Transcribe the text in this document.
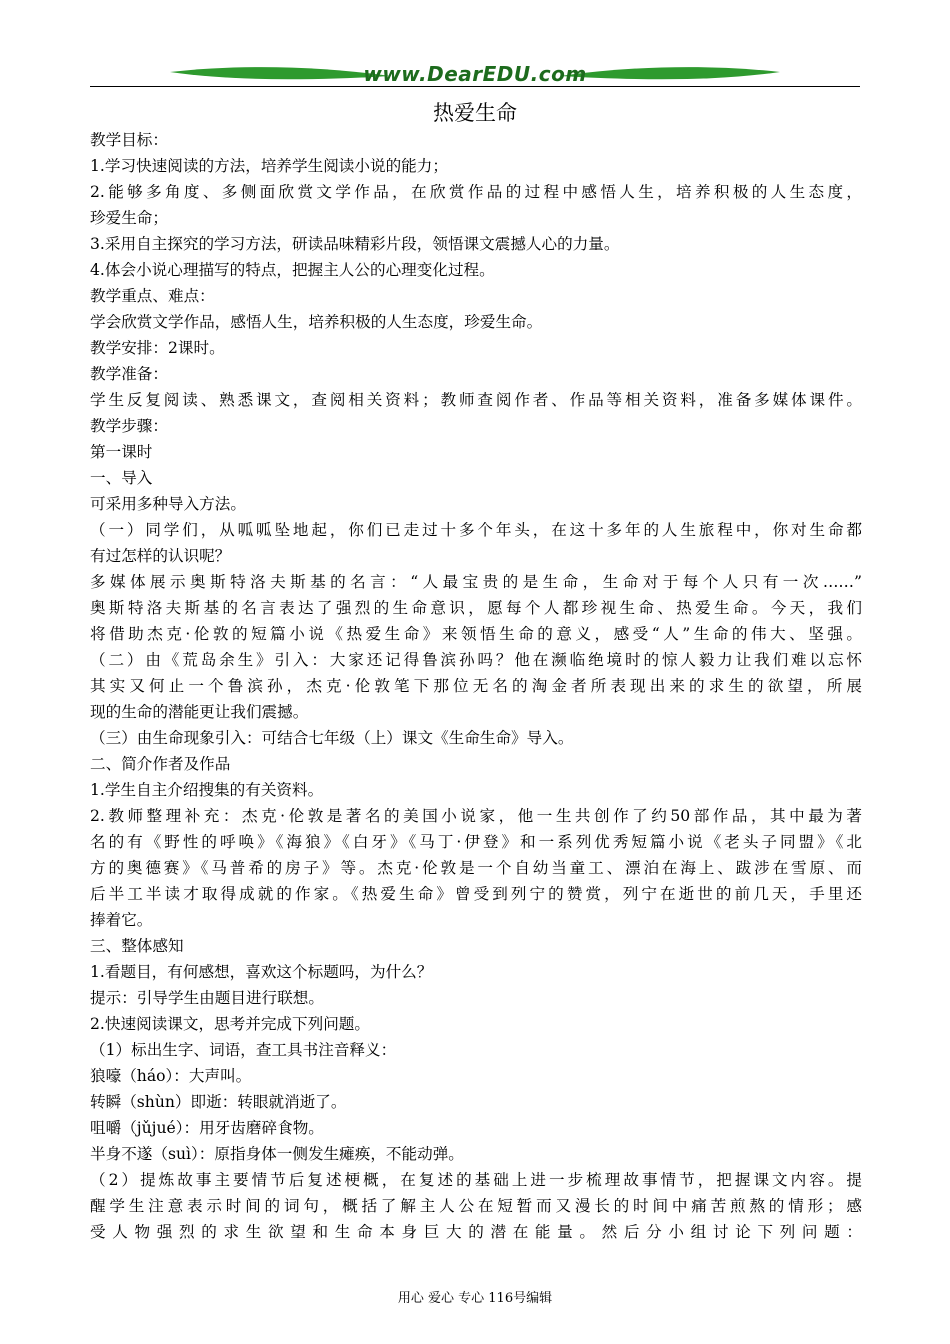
www.DearEDU.com
热爱生命
教学目标：
1.学习快速阅读的方法，培养学生阅读小说的能力；
2.能够多角度、多侧面欣赏文学作品，在欣赏作品的过程中感悟人生，培养积极的人生态度，
珍爱生命；
3.采用自主探究的学习方法，研读品味精彩片段，领悟课文震撼人心的力量。
4.体会小说心理描写的特点，把握主人公的心理变化过程。
教学重点、难点：
学会欣赏文学作品，感悟人生，培养积极的人生态度，珍爱生命。
教学安排：2课时。
教学准备：
学生反复阅读、熟悉课文，查阅相关资料；教师查阅作者、作品等相关资料，准备多媒体课件。
教学步骤：
第一课时
一、导入
可采用多种导入方法。
（一）同学们，从呱呱坠地起，你们已走过十多个年头，在这十多年的人生旅程中，你对生命都
有过怎样的认识呢？
多媒体展示奥斯特洛夫斯基的名言：“人最宝贵的是生命，生命对于每个人只有一次……”
奥斯特洛夫斯基的名言表达了强烈的生命意识，愿每个人都珍视生命、热爱生命。今天，我们
将借助杰克·伦敦的短篇小说《热爱生命》来领悟生命的意义，感受“人”生命的伟大、坚强。
（二）由《荒岛余生》引入：大家还记得鲁滨孙吗？他在濒临绝境时的惊人毅力让我们难以忘怀
其实又何止一个鲁滨孙，杰克·伦敦笔下那位无名的淘金者所表现出来的求生的欲望，所展
现的生命的潜能更让我们震撼。
（三）由生命现象引入：可结合七年级（上）课文《生命生命》导入。
二、简介作者及作品
1.学生自主介绍搜集的有关资料。
2.教师整理补充：杰克·伦敦是著名的美国小说家，他一生共创作了约50部作品，其中最为著
名的有《野性的呼唤》《海狼》《白牙》《马丁·伊登》和一系列优秀短篇小说《老头子同盟》《北
方的奥德赛》《马普希的房子》等。杰克·伦敦是一个自幼当童工、漂泊在海上、跋涉在雪原、而
后半工半读才取得成就的作家。《热爱生命》曾受到列宁的赞赏，列宁在逝世的前几天，手里还
捧着它。
三、整体感知
1.看题目，有何感想，喜欢这个标题吗，为什么？
提示：引导学生由题目进行联想。
2.快速阅读课文，思考并完成下列问题。
（1）标出生字、词语，查工具书注音释义：
狼嚎（háo）：大声叫。
转瞬（shùn）即逝：转眼就消逝了。
咀嚼（jǔjué）：用牙齿磨碎食物。
半身不遂（suì）：原指身体一侧发生瘫痪，不能动弹。
（2）提炼故事主要情节后复述梗概，在复述的基础上进一步梳理故事情节，把握课文内容。提
醒学生注意表示时间的词句，概括了解主人公在短暂而又漫长的时间中痛苦煎熬的情形；感
受人物强烈的求生欲望和生命本身巨大的潜在能量。然后分小组讨论下列问题：
用心 爱心 专心 116号编辑
